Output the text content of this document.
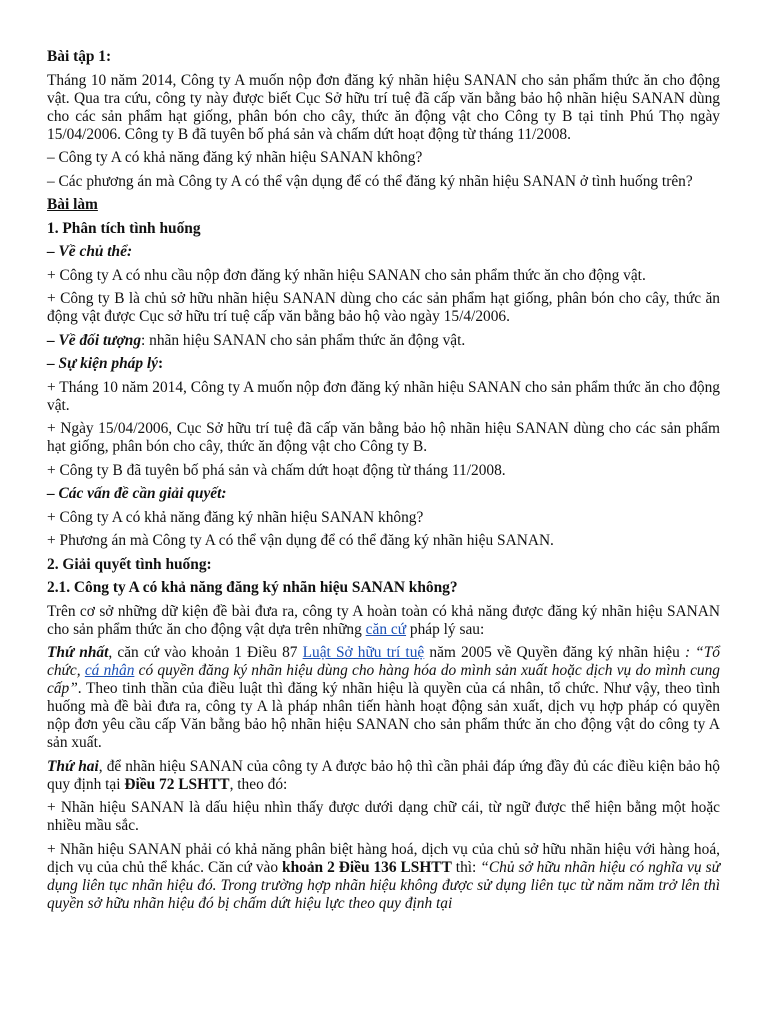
Bài tập 1:

Tháng 10 năm 2014, Công ty A muốn nộp đơn đăng ký nhãn hiệu SANAN cho sản phẩm thức ăn cho động vật. Qua tra cứu, công ty này được biết Cục Sở hữu trí tuệ đã cấp văn bằng bảo hộ nhãn hiệu SANAN dùng cho các sản phẩm hạt giống, phân bón cho cây, thức ăn động vật cho Công ty B tại tỉnh Phú Thọ ngày 15/04/2006. Công ty B đã tuyên bố phá sản và chấm dứt hoạt động từ tháng 11/2008.

– Công ty A có khả năng đăng ký nhãn hiệu SANAN không?

– Các phương án mà Công ty A có thể vận dụng để có thể đăng ký nhãn hiệu SANAN ở tình huống trên?

Bài làm

1. Phân tích tình huống

– Về chủ thể:

+ Công ty A có nhu cầu nộp đơn đăng ký nhãn hiệu SANAN cho sản phẩm thức ăn cho động vật.

+ Công ty B là chủ sở hữu nhãn hiệu SANAN dùng cho các sản phẩm hạt giống, phân bón cho cây, thức ăn động vật được Cục sở hữu trí tuệ cấp văn bằng bảo hộ vào ngày 15/4/2006.

– Về đối tượng: nhãn hiệu SANAN cho sản phẩm thức ăn động vật.

– Sự kiện pháp lý:

+ Tháng 10 năm 2014, Công ty A muốn nộp đơn đăng ký nhãn hiệu SANAN cho sản phẩm thức ăn cho động vật.

+ Ngày 15/04/2006, Cục Sở hữu trí tuệ đã cấp văn bằng bảo hộ nhãn hiệu SANAN dùng cho các sản phẩm hạt giống, phân bón cho cây, thức ăn động vật cho Công ty B.

+ Công ty B đã tuyên bố phá sản và chấm dứt hoạt động từ tháng 11/2008.

– Các vấn đề cần giải quyết:

+ Công ty A có khả năng đăng ký nhãn hiệu SANAN không?

+ Phương án mà Công ty A có thể vận dụng để có thể đăng ký nhãn hiệu SANAN.

2. Giải quyết tình huống:

2.1. Công ty A có khả năng đăng ký nhãn hiệu SANAN không?

Trên cơ sở những dữ kiện đề bài đưa ra, công ty A hoàn toàn có khả năng được đăng ký nhãn hiệu SANAN cho sản phẩm thức ăn cho động vật dựa trên những căn cứ pháp lý sau:

Thứ nhất, căn cứ vào khoản 1 Điều 87 Luật Sở hữu trí tuệ năm 2005 về Quyền đăng ký nhãn hiệu : “Tổ chức, cá nhân có quyền đăng ký nhãn hiệu dùng cho hàng hóa do mình sản xuất hoặc dịch vụ do mình cung cấp”. Theo tinh thần của điều luật thì đăng ký nhãn hiệu là quyền của cá nhân, tổ chức. Như vậy, theo tình huống mà đề bài đưa ra, công ty A là pháp nhân tiến hành hoạt động sản xuất, dịch vụ hợp pháp có quyền nộp đơn yêu cầu cấp Văn bằng bảo hộ nhãn hiệu SANAN cho sản phẩm thức ăn cho động vật do công ty A sản xuất.

Thứ hai, để nhãn hiệu SANAN của công ty A được bảo hộ thì cần phải đáp ứng đầy đủ các điều kiện bảo hộ quy định tại Điều 72 LSHTT, theo đó:

+ Nhãn hiệu SANAN là dấu hiệu nhìn thấy được dưới dạng chữ cái, từ ngữ được thể hiện bằng một hoặc nhiều mầu sắc.

+ Nhãn hiệu SANAN phải có khả năng phân biệt hàng hoá, dịch vụ của chủ sở hữu nhãn hiệu với hàng hoá, dịch vụ của chủ thể khác. Căn cứ vào khoản 2 Điều 136 LSHTT thì: “Chủ sở hữu nhãn hiệu có nghĩa vụ sử dụng liên tục nhãn hiệu đó. Trong trường hợp nhãn hiệu không được sử dụng liên tục từ năm năm trở lên thì quyền sở hữu nhãn hiệu đó bị chấm dứt hiệu lực theo quy định tại
